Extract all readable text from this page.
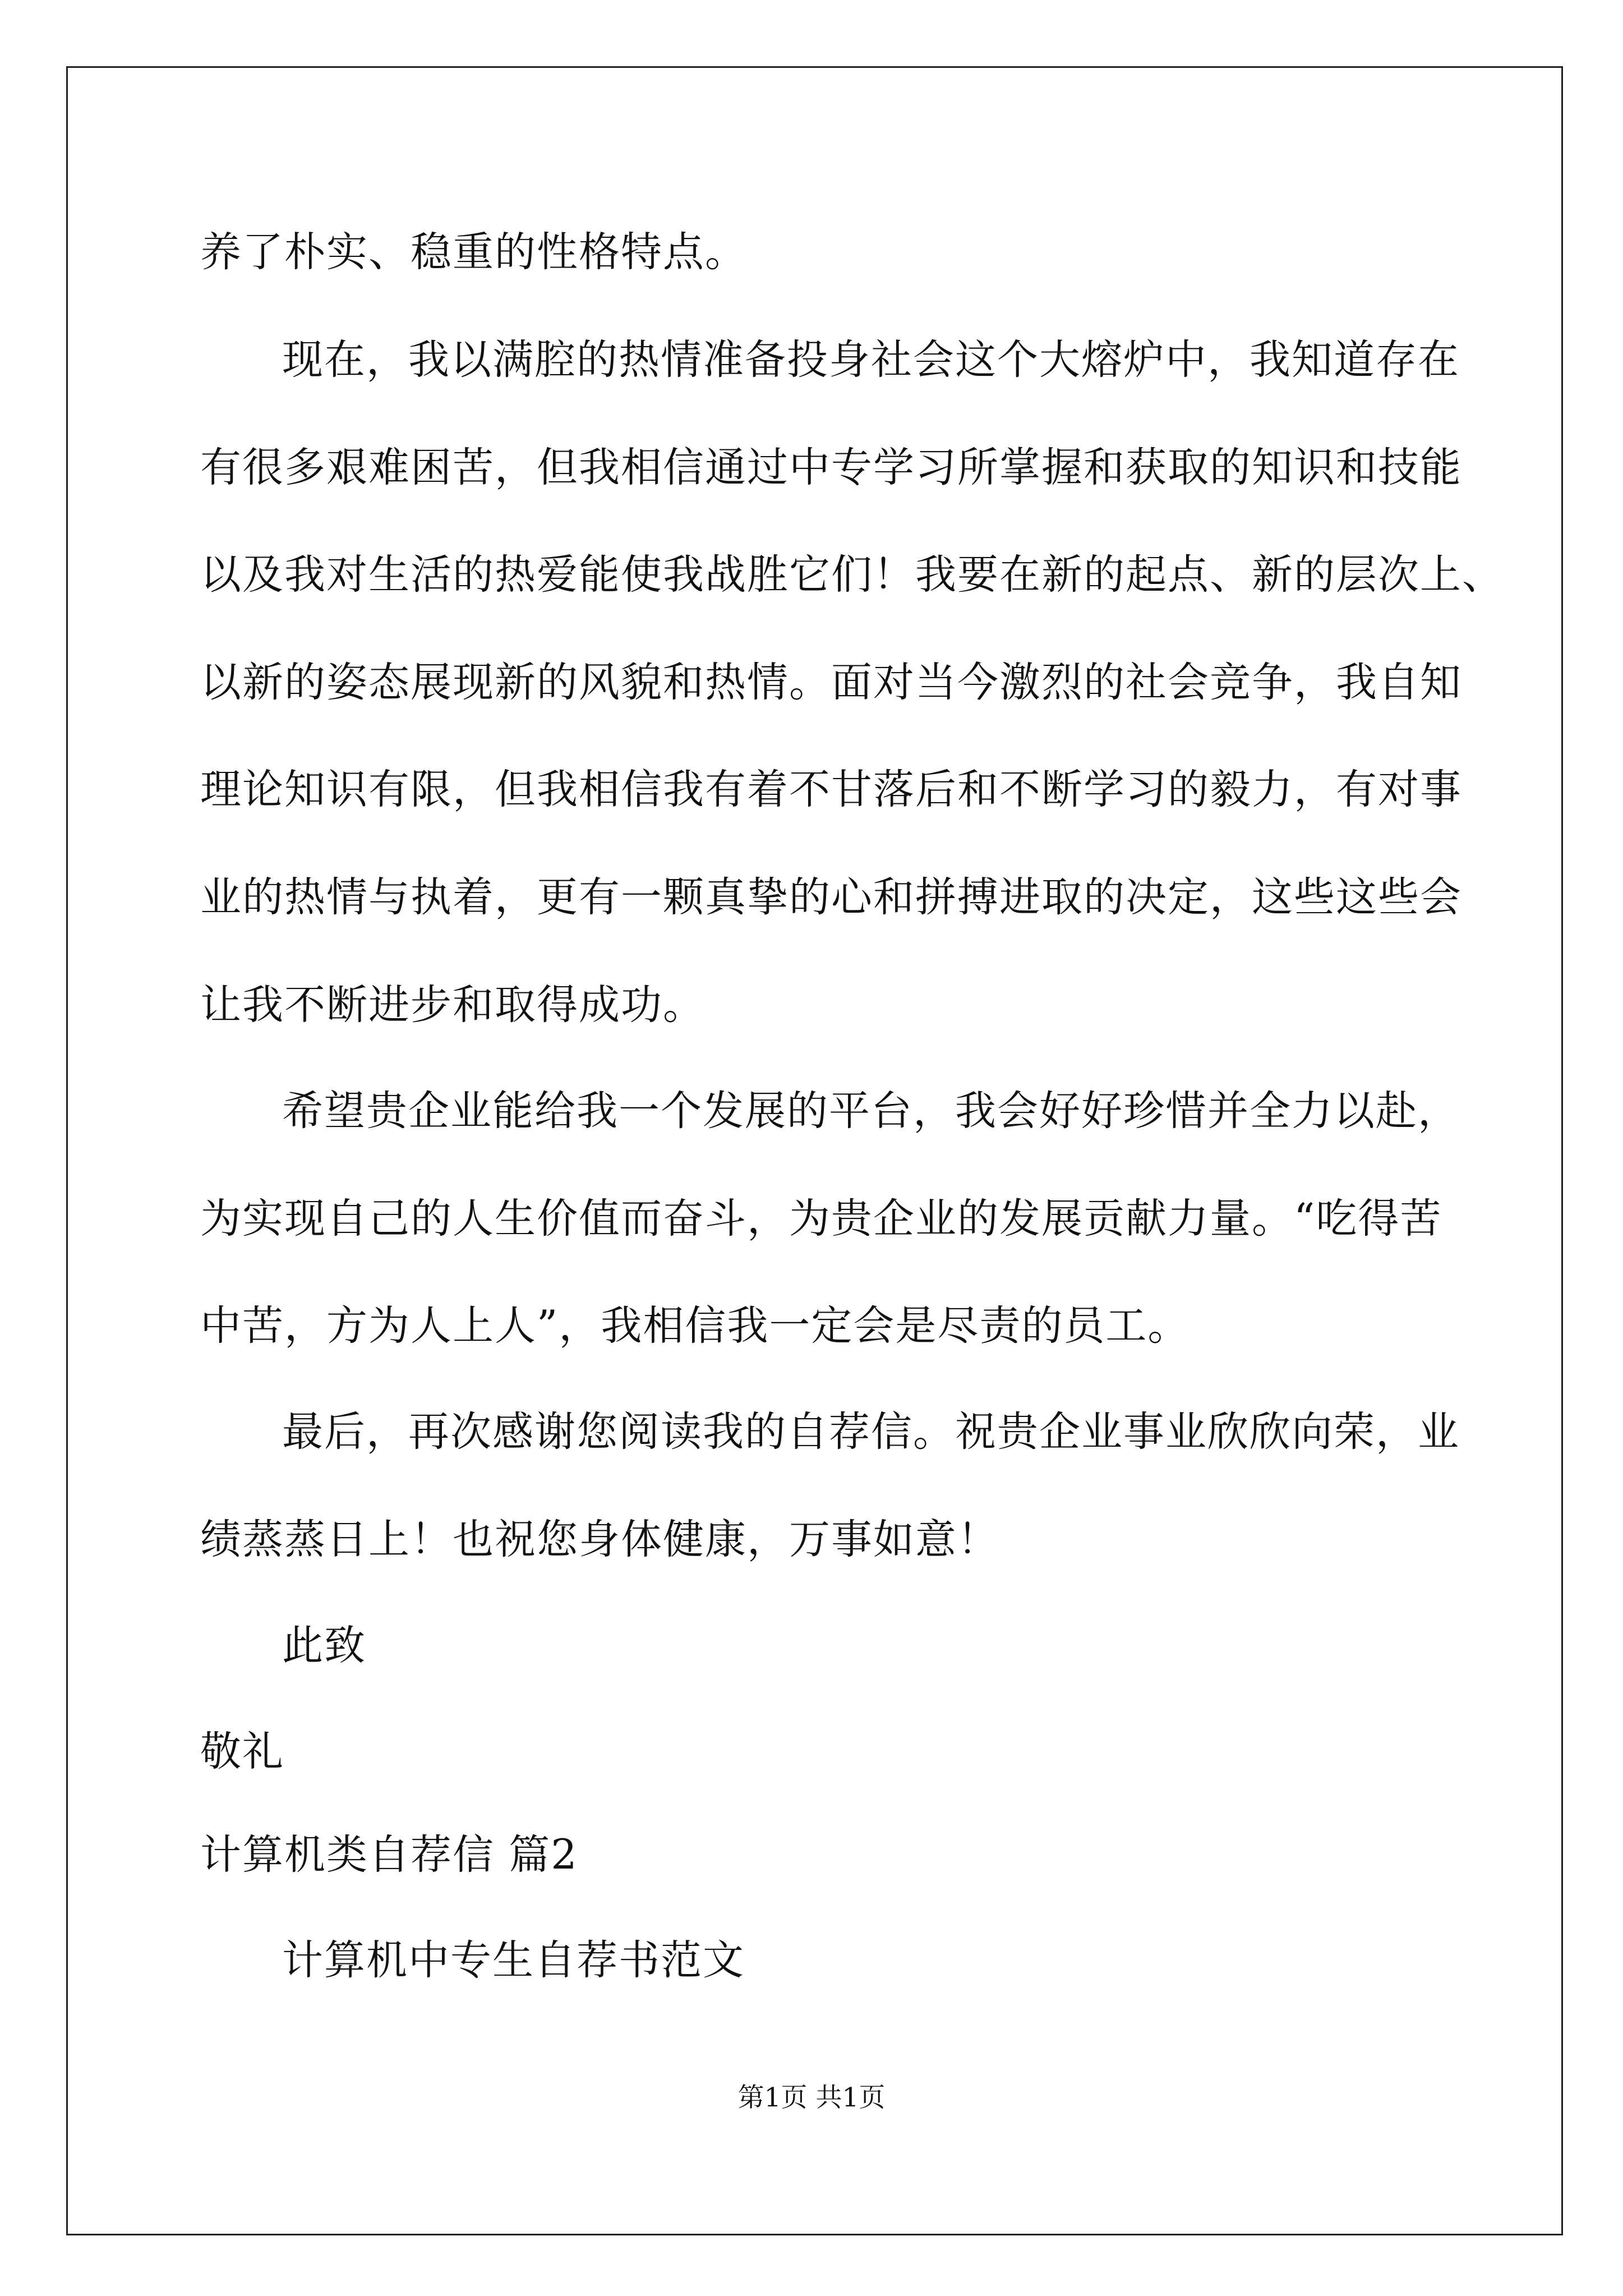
养了朴实、稳重的性格特点。
现在，我以满腔的热情准备投身社会这个大熔炉中，我知道存在
有很多艰难困苦，但我相信通过中专学习所掌握和获取的知识和技能
以及我对生活的热爱能使我战胜它们！我要在新的起点、新的层次上、
以新的姿态展现新的风貌和热情。面对当今激烈的社会竞争，我自知
理论知识有限，但我相信我有着不甘落后和不断学习的毅力，有对事
业的热情与执着，更有一颗真挚的心和拼搏进取的决定，这些这些会
让我不断进步和取得成功。
希望贵企业能给我一个发展的平台，我会好好珍惜并全力以赴，
为实现自己的人生价值而奋斗，为贵企业的发展贡献力量。“吃得苦
中苦，方为人上人”，我相信我一定会是尽责的员工。
最后，再次感谢您阅读我的自荐信。祝贵企业事业欣欣向荣，业
绩蒸蒸日上！也祝您身体健康，万事如意！
此致
敬礼
计算机类自荐信 篇2
计算机中专生自荐书范文
第1页 共1页
